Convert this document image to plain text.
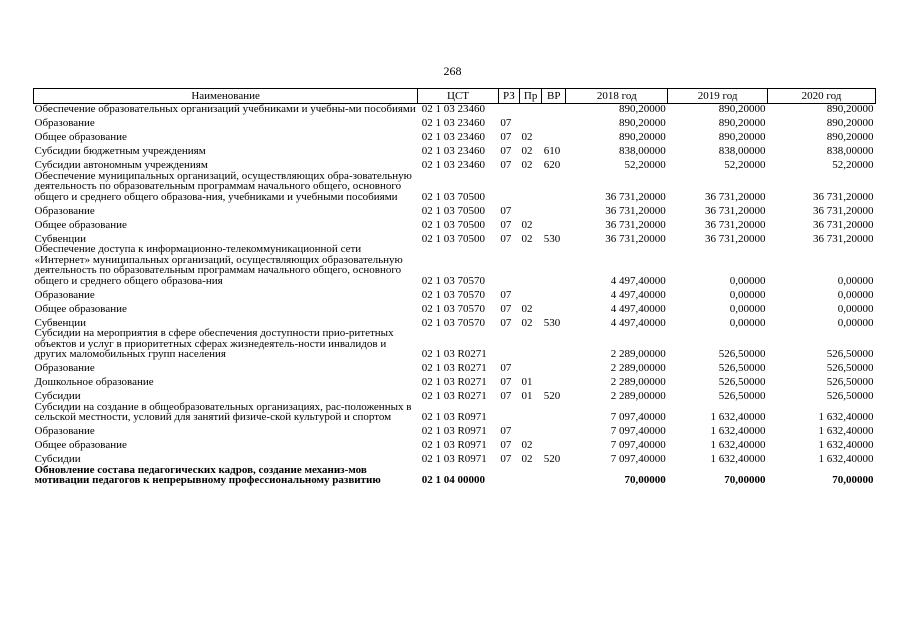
268
Наименование	ЦСТ	РЗ	Пр	ВР	2018 год	2019 год	2020 год
Обеспечение образовательных организаций учебниками и учебны-ми пособиями	02 1 03 23460				890,20000	890,20000	890,20000
Образование	02 1 03 23460	07			890,20000	890,20000	890,20000
Общее образование	02 1 03 23460	07	02		890,20000	890,20000	890,20000
Субсидии бюджетным учреждениям	02 1 03 23460	07	02	610	838,00000	838,00000	838,00000
Субсидии автономным учреждениям	02 1 03 23460	07	02	620	52,20000	52,20000	52,20000
Обеспечение муниципальных организаций, осуществляющих обра-зовательную деятельность по образовательным программам начального общего, основного общего и среднего общего образова-ния, учебниками и учебными пособиями	02 1 03 70500				36 731,20000	36 731,20000	36 731,20000
Образование	02 1 03 70500	07			36 731,20000	36 731,20000	36 731,20000
Общее образование	02 1 03 70500	07	02		36 731,20000	36 731,20000	36 731,20000
Субвенции	02 1 03 70500	07	02	530	36 731,20000	36 731,20000	36 731,20000
Обеспечение доступа к информационно-телекоммуникационной сети «Интернет» муниципальных организаций, осуществляющих образовательную деятельность по образовательным программам начального общего, основного общего и среднего общего образова-ния	02 1 03 70570				4 497,40000	0,00000	0,00000
Образование	02 1 03 70570	07			4 497,40000	0,00000	0,00000
Общее образование	02 1 03 70570	07	02		4 497,40000	0,00000	0,00000
Субвенции	02 1 03 70570	07	02	530	4 497,40000	0,00000	0,00000
Субсидии на мероприятия в сфере обеспечения доступности прио-ритетных объектов и услуг в приоритетных сферах жизнедеятель-ности инвалидов и других маломобильных групп населения	02 1 03 R0271				2 289,00000	526,50000	526,50000
Образование	02 1 03 R0271	07			2 289,00000	526,50000	526,50000
Дошкольное образование	02 1 03 R0271	07	01		2 289,00000	526,50000	526,50000
Субсидии	02 1 03 R0271	07	01	520	2 289,00000	526,50000	526,50000
Субсидии на создание в общеобразовательных организациях, рас-положенных в сельской местности, условий для занятий физиче-ской культурой и спортом	02 1 03 R0971				7 097,40000	1 632,40000	1 632,40000
Образование	02 1 03 R0971	07			7 097,40000	1 632,40000	1 632,40000
Общее образование	02 1 03 R0971	07	02		7 097,40000	1 632,40000	1 632,40000
Субсидии	02 1 03 R0971	07	02	520	7 097,40000	1 632,40000	1 632,40000
Обновление состава педагогических кадров, создание механиз-мов мотивации педагогов к непрерывному профессиональному развитию	02 1 04 00000				70,00000	70,00000	70,00000
